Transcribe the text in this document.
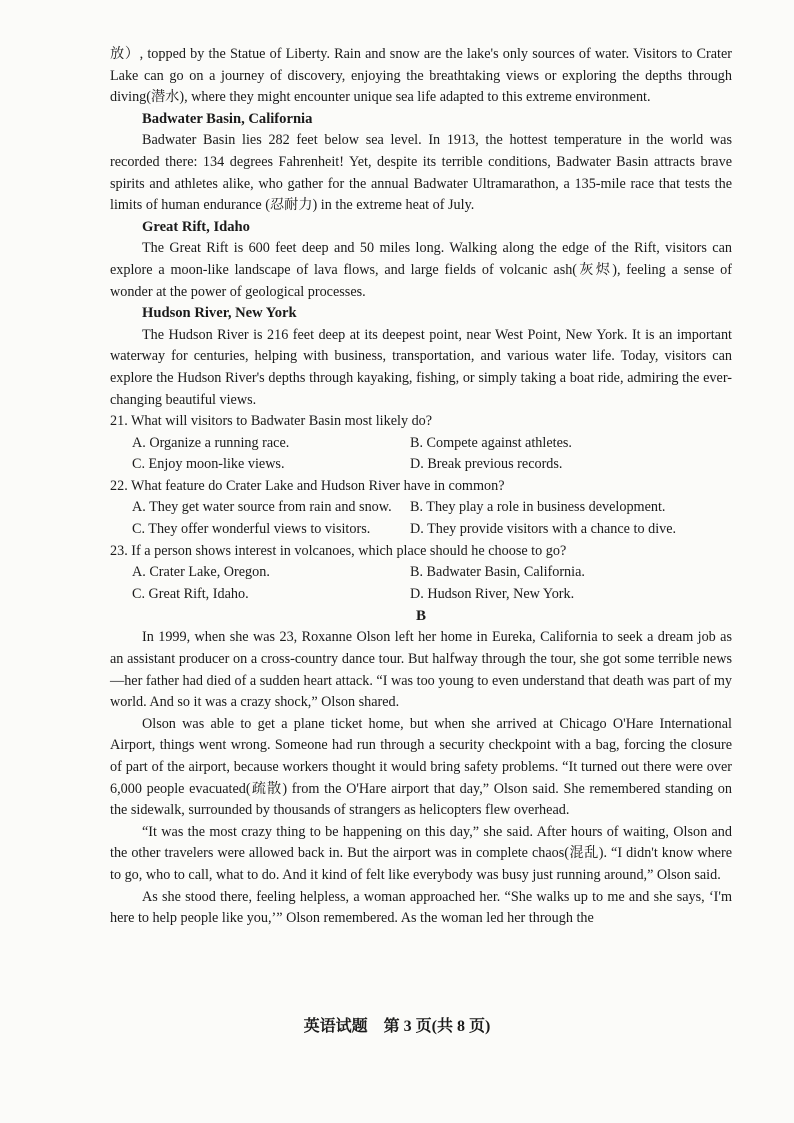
放）, topped by the Statue of Liberty. Rain and snow are the lake's only sources of water. Visitors to Crater Lake can go on a journey of discovery, enjoying the breathtaking views or exploring the depths through diving(潜水), where they might encounter unique sea life adapted to this extreme environment.

Badwater Basin, California

Badwater Basin lies 282 feet below sea level. In 1913, the hottest temperature in the world was recorded there: 134 degrees Fahrenheit! Yet, despite its terrible conditions, Badwater Basin attracts brave spirits and athletes alike, who gather for the annual Badwater Ultramarathon, a 135-mile race that tests the limits of human endurance (忍耐力) in the extreme heat of July.

Great Rift, Idaho

The Great Rift is 600 feet deep and 50 miles long. Walking along the edge of the Rift, visitors can explore a moon-like landscape of lava flows, and large fields of volcanic ash(灰烬), feeling a sense of wonder at the power of geological processes.

Hudson River, New York

The Hudson River is 216 feet deep at its deepest point, near West Point, New York. It is an important waterway for centuries, helping with business, transportation, and various water life. Today, visitors can explore the Hudson River's depths through kayaking, fishing, or simply taking a boat ride, admiring the ever-changing beautiful views.

21. What will visitors to Badwater Basin most likely do?

A. Organize a running race.	B. Compete against athletes.
C. Enjoy moon-like views.	D. Break previous records.

22. What feature do Crater Lake and Hudson River have in common?

A. They get water source from rain and snow.	B. They play a role in business development.
C. They offer wonderful views to visitors.	D. They provide visitors with a chance to dive.

23. If a person shows interest in volcanoes, which place should he choose to go?

A. Crater Lake, Oregon.	B. Badwater Basin, California.
C. Great Rift, Idaho.	D. Hudson River, New York.

B

In 1999, when she was 23, Roxanne Olson left her home in Eureka, California to seek a dream job as an assistant producer on a cross-country dance tour. But halfway through the tour, she got some terrible news—her father had died of a sudden heart attack. “I was too young to even understand that death was part of my world. And so it was a crazy shock,” Olson shared.

Olson was able to get a plane ticket home, but when she arrived at Chicago O'Hare International Airport, things went wrong. Someone had run through a security checkpoint with a bag, forcing the closure of part of the airport, because workers thought it would bring safety problems. “It turned out there were over 6,000 people evacuated(疏散) from the O'Hare airport that day,” Olson said. She remembered standing on the sidewalk, surrounded by thousands of strangers as helicopters flew overhead.

“It was the most crazy thing to be happening on this day,” she said. After hours of waiting, Olson and the other travelers were allowed back in. But the airport was in complete chaos(混乱). “I didn't know where to go, who to call, what to do. And it kind of felt like everybody was busy just running around,” Olson said.

As she stood there, feeling helpless, a woman approached her. “She walks up to me and she says, ‘I'm here to help people like you,’” Olson remembered. As the woman led her through the

英语试题　第 3 页(共 8 页)
